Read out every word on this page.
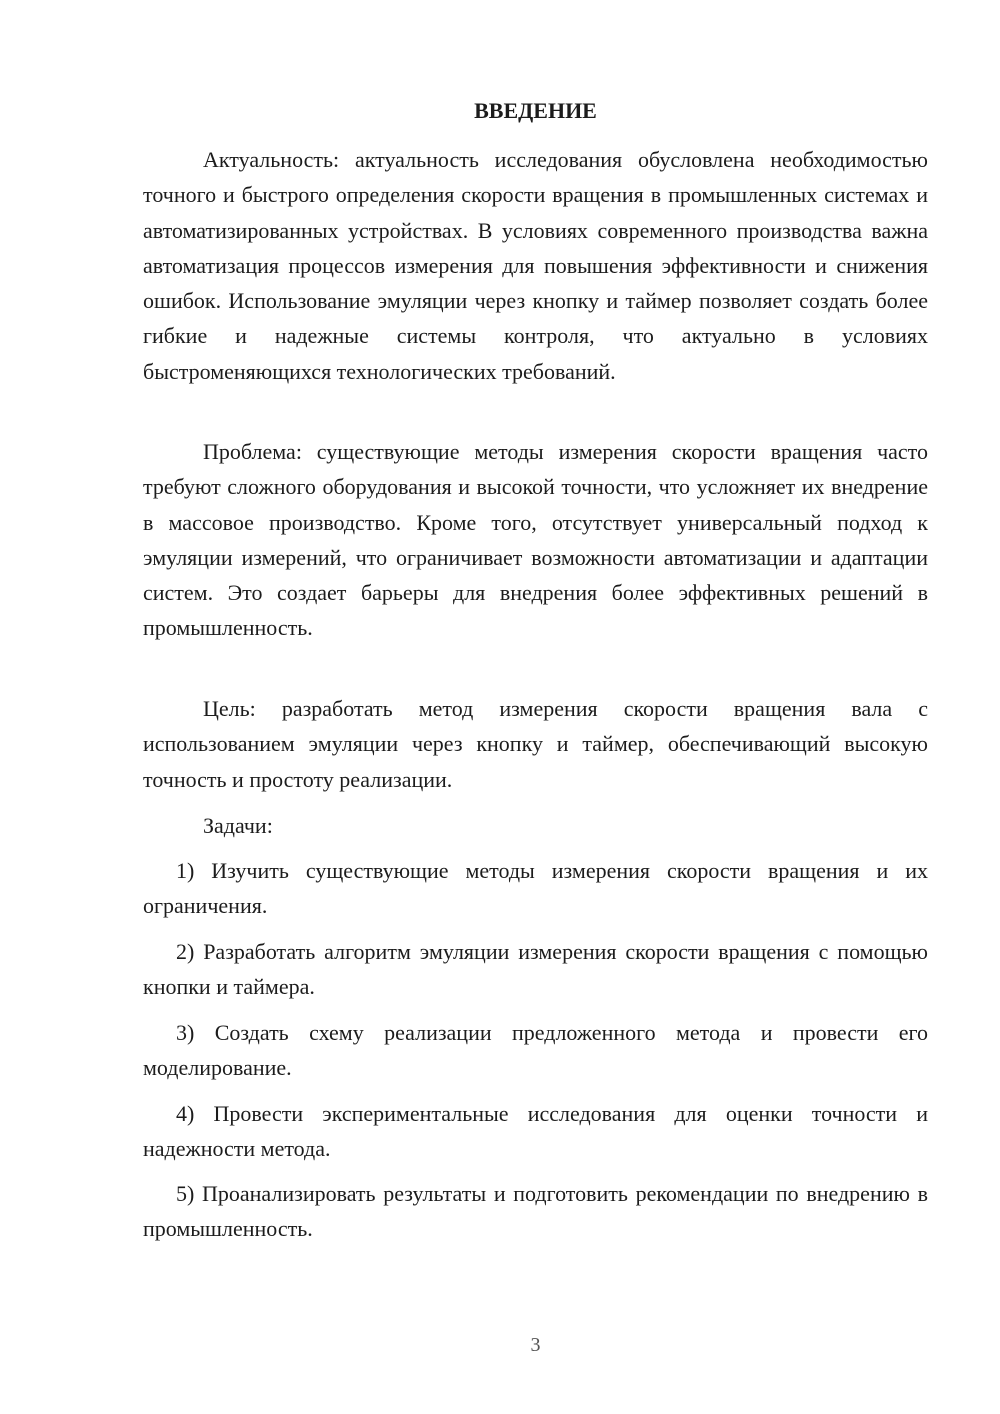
ВВЕДЕНИЕ

Актуальность: актуальность исследования обусловлена необходимостью точного и быстрого определения скорости вращения в промышленных системах и автоматизированных устройствах. В условиях современного производства важна автоматизация процессов измерения для повышения эффективности и снижения ошибок. Использование эмуляции через кнопку и таймер позволяет создать более гибкие и надежные системы контроля, что актуально в условиях быстроменяющихся технологических требований.

Проблема: существующие методы измерения скорости вращения часто требуют сложного оборудования и высокой точности, что усложняет их внедрение в массовое производство. Кроме того, отсутствует универсальный подход к эмуляции измерений, что ограничивает возможности автоматизации и адаптации систем. Это создает барьеры для внедрения более эффективных решений в промышленность.

Цель: разработать метод измерения скорости вращения вала с использованием эмуляции через кнопку и таймер, обеспечивающий высокую точность и простоту реализации.

Задачи:

1) Изучить существующие методы измерения скорости вращения и их ограничения.

2) Разработать алгоритм эмуляции измерения скорости вращения с помощью кнопки и таймера.

3) Создать схему реализации предложенного метода и провести его моделирование.

4) Провести экспериментальные исследования для оценки точности и надежности метода.

5) Проанализировать результаты и подготовить рекомендации по внедрению в промышленность.

3
